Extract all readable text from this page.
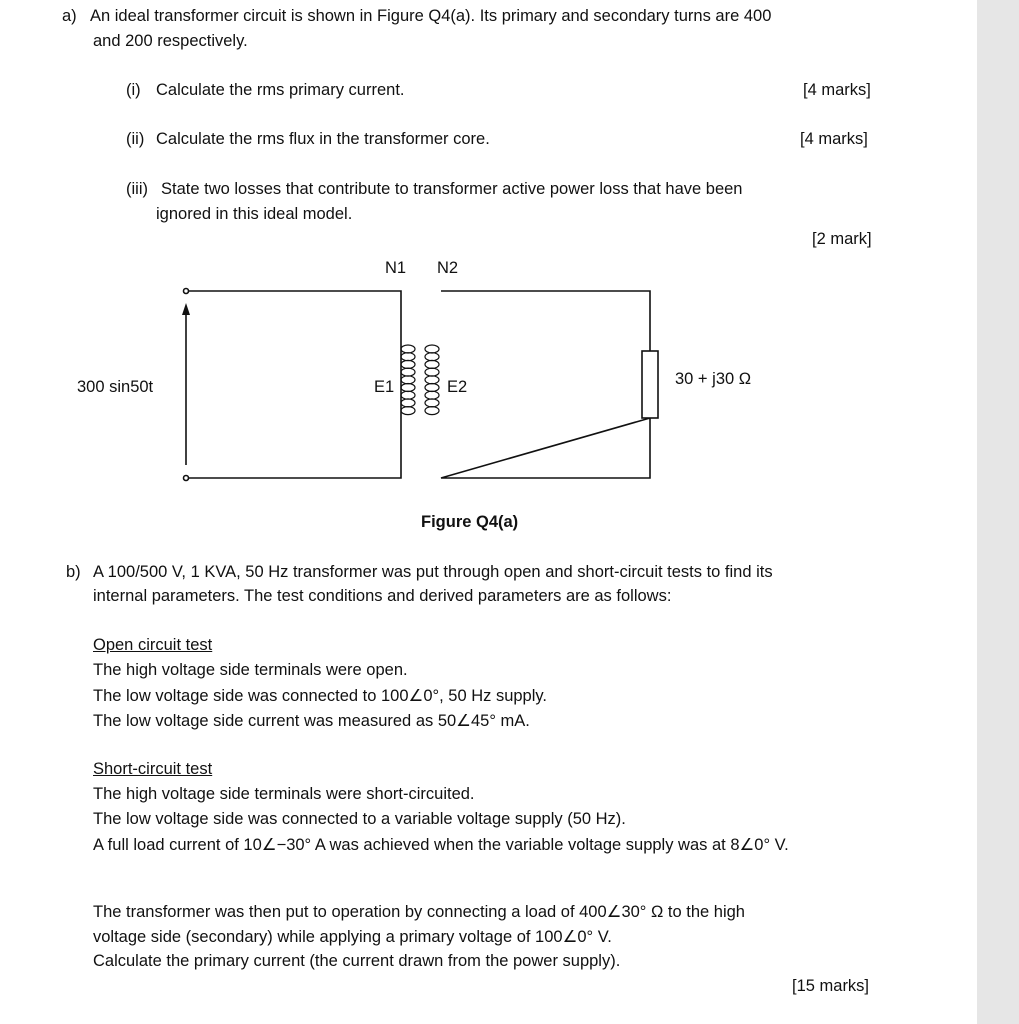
a) An ideal transformer circuit is shown in Figure Q4(a). Its primary and secondary turns are 400
and 200 respectively.
(i) Calculate the rms primary current.	[4 marks]
(ii) Calculate the rms flux in the transformer core.	[4 marks]
(iii) State two losses that contribute to transformer active power loss that have been
ignored in this ideal model.
[2 mark]
N1 N2
E1	E2
300 sin50t	30 + j30 Ω
Figure Q4(a)
b) A 100/500 V, 1 KVA, 50 Hz transformer was put through open and short-circuit tests to find its
internal parameters. The test conditions and derived parameters are as follows:
Open circuit test
The high voltage side terminals were open.
The low voltage side was connected to 100∠0°, 50 Hz supply.
The low voltage side current was measured as 50∠45° mA.
Short-circuit test
The high voltage side terminals were short-circuited.
The low voltage side was connected to a variable voltage supply (50 Hz).
A full load current of 10∠−30° A was achieved when the variable voltage supply was at 8∠0° V.
The transformer was then put to operation by connecting a load of 400∠30° Ω to the high
voltage side (secondary) while applying a primary voltage of 100∠0° V.
Calculate the primary current (the current drawn from the power supply).
[15 marks]
